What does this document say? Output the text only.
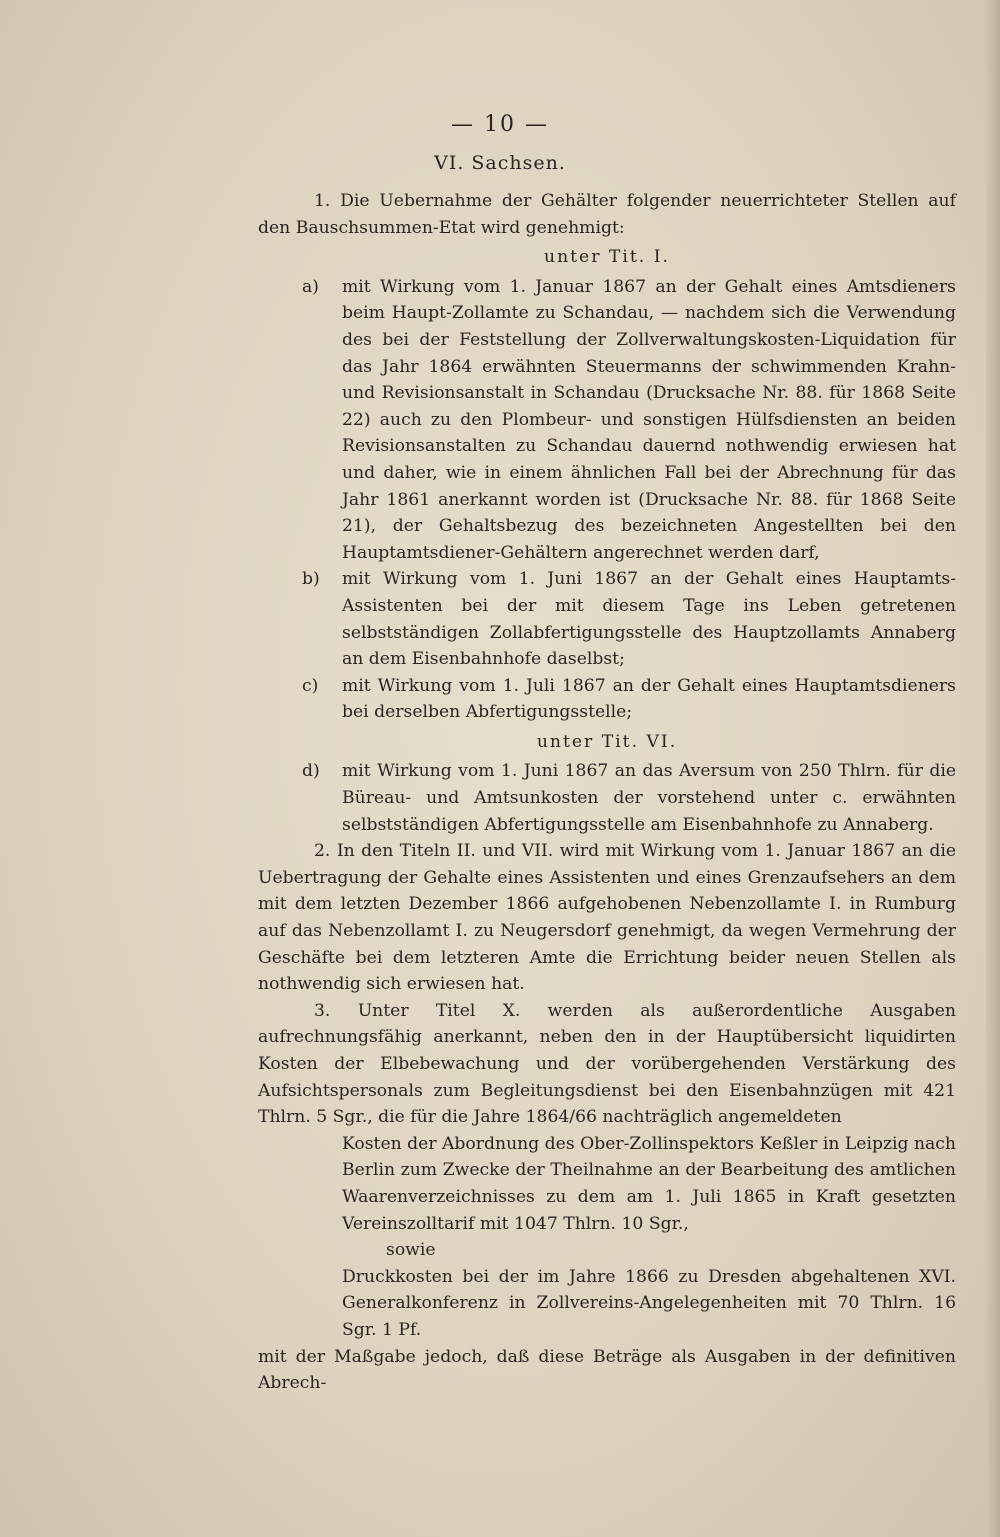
— 10 —
VI. Sachsen.

1. Die Uebernahme der Gehälter folgender neuerrichteter Stellen auf den Bauschsummen-Etat wird genehmigt:

unter Tit. I.

a) mit Wirkung vom 1. Januar 1867 an der Gehalt eines Amtsdieners beim Haupt-Zollamte zu Schandau, — nachdem sich die Verwendung des bei der Feststellung der Zollverwaltungskosten-Liquidation für das Jahr 1864 erwähnten Steuermanns der schwimmenden Krahn- und Revisionsanstalt in Schandau (Drucksache Nr. 88. für 1868 Seite 22) auch zu den Plombeur- und sonstigen Hülfsdiensten an beiden Revisionsanstalten zu Schandau dauernd nothwendig erwiesen hat und daher, wie in einem ähnlichen Fall bei der Abrechnung für das Jahr 1861 anerkannt worden ist (Drucksache Nr. 88. für 1868 Seite 21), der Gehaltsbezug des bezeichneten Angestellten bei den Hauptamtsdiener-Gehältern angerechnet werden darf,

b) mit Wirkung vom 1. Juni 1867 an der Gehalt eines Hauptamts-Assistenten bei der mit diesem Tage ins Leben getretenen selbstständigen Zollabfertigungsstelle des Hauptzollamts Annaberg an dem Eisenbahnhofe daselbst;

c) mit Wirkung vom 1. Juli 1867 an der Gehalt eines Hauptamtsdieners bei derselben Abfertigungsstelle;

unter Tit. VI.

d) mit Wirkung vom 1. Juni 1867 an das Aversum von 250 Thlrn. für die Büreau- und Amtsunkosten der vorstehend unter c. erwähnten selbstständigen Abfertigungsstelle am Eisenbahnhofe zu Annaberg.

2. In den Titeln II. und VII. wird mit Wirkung vom 1. Januar 1867 an die Uebertragung der Gehalte eines Assistenten und eines Grenzaufsehers an dem mit dem letzten Dezember 1866 aufgehobenen Nebenzollamte I. in Rumburg auf das Nebenzollamt I. zu Neugersdorf genehmigt, da wegen Vermehrung der Geschäfte bei dem letzteren Amte die Errichtung beider neuen Stellen als nothwendig sich erwiesen hat.

3. Unter Titel X. werden als außerordentliche Ausgaben aufrechnungsfähig anerkannt, neben den in der Hauptübersicht liquidirten Kosten der Elbebewachung und der vorübergehenden Verstärkung des Aufsichtspersonals zum Begleitungsdienst bei den Eisenbahnzügen mit 421 Thlrn. 5 Sgr., die für die Jahre 1864/66 nachträglich angemeldeten

Kosten der Abordnung des Ober-Zollinspektors Keßler in Leipzig nach Berlin zum Zwecke der Theilnahme an der Bearbeitung des amtlichen Waarenverzeichnisses zu dem am 1. Juli 1865 in Kraft gesetzten Vereinszolltarif mit 1047 Thlrn. 10 Sgr.,

sowie

Druckkosten bei der im Jahre 1866 zu Dresden abgehaltenen XVI. Generalkonferenz in Zollvereins-Angelegenheiten mit 70 Thlrn. 16 Sgr. 1 Pf.

mit der Maßgabe jedoch, daß diese Beträge als Ausgaben in der definitiven Abrech-
